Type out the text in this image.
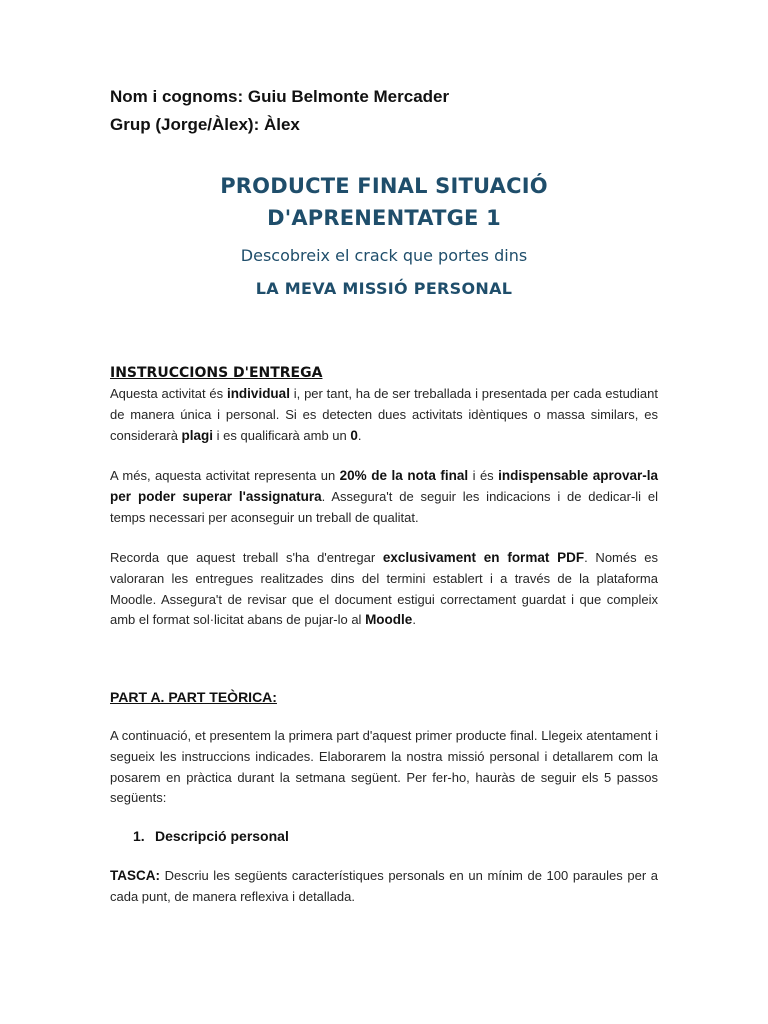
Nom i cognoms: Guiu Belmonte Mercader
Grup (Jorge/Àlex): Àlex
PRODUCTE FINAL SITUACIÓ
D'APRENENTATGE 1
Descobreix el crack que portes dins
LA MEVA MISSIÓ PERSONAL
INSTRUCCIONS D'ENTREGA
Aquesta activitat és individual i, per tant, ha de ser treballada i presentada per cada estudiant de manera única i personal. Si es detecten dues activitats idèntiques o massa similars, es considerarà plagi i es qualificarà amb un 0.
A més, aquesta activitat representa un 20% de la nota final i és indispensable aprovar-la per poder superar l'assignatura. Assegura't de seguir les indicacions i de dedicar-li el temps necessari per aconseguir un treball de qualitat.
Recorda que aquest treball s'ha d'entregar exclusivament en format PDF. Només es valoraran les entregues realitzades dins del termini establert i a través de la plataforma Moodle. Assegura't de revisar que el document estigui correctament guardat i que compleix amb el format sol·licitat abans de pujar-lo al Moodle.
PART A. PART TEÒRICA:
A continuació, et presentem la primera part d'aquest primer producte final. Llegeix atentament i segueix les instruccions indicades. Elaborarem la nostra missió personal i detallarem com la posarem en pràctica durant la setmana següent. Per fer-ho, hauràs de seguir els 5 passos següents:
1. Descripció personal
TASCA: Descriu les següents característiques personals en un mínim de 100 paraules per a cada punt, de manera reflexiva i detallada.
